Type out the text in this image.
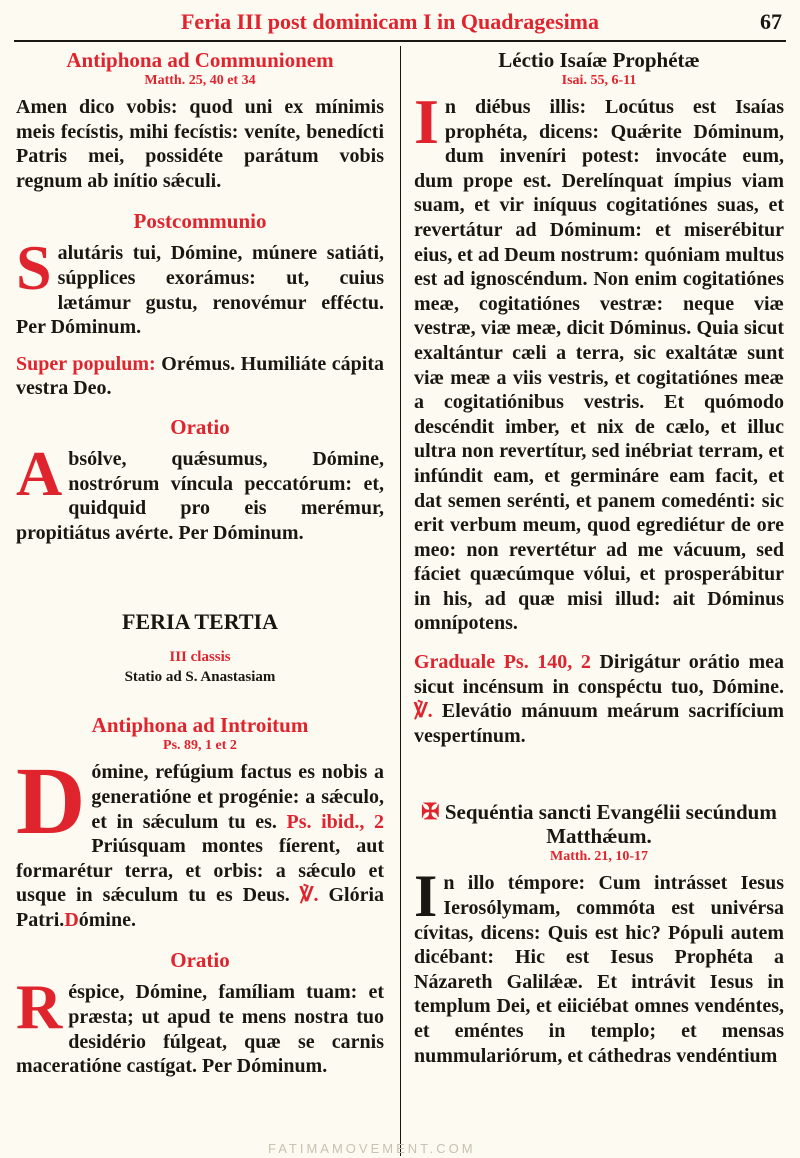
Feria III post dominicam I in Quadragesima	67

Antiphona ad Communionem

Matth. 25, 40 et 34

Amen dico vobis: quod uni ex mínimis meis fecístis, mihi fecístis: veníte, benedícti Patris mei, possidéte parátum vobis regnum ab inítio sǽculi.

Postcommunio

Salutáris tui, Dómine, múnere satiáti, súpplices exorámus: ut, cuius lætámur gustu, renovémur efféctu. Per Dóminum.

Super populum: Orémus. Humiliáte cápita vestra Deo.

Oratio

Absólve, quǽsumus, Dómine, nostrórum víncula peccatórum: et, quidquid pro eis merémur, propitiátus avérte. Per Dóminum.

FERIA TERTIA

III classis

Statio ad S. Anastasiam

Antiphona ad Introitum

Ps. 89, 1 et 2

Dómine, refúgium factus es nobis a generatióne et progénie: a sǽculo, et in sǽculum tu es. Ps. ibid., 2 Priúsquam montes fíerent, aut formarétur terra, et orbis: a sǽculo et usque in sǽculum tu es Deus. ℣. Glória Patri.Dómine.

Oratio

Réspice, Dómine, famíliam tuam: et præsta; ut apud te mens nostra tuo desidério fúlgeat, quæ se carnis maceratióne castígat. Per Dóminum.

Léctio Isaíæ Prophétæ

Isai. 55, 6-11

In diébus illis: Locútus est Isaías prophéta, dicens: Quǽrite Dóminum, dum inveníri potest: invocáte eum, dum prope est. Derelínquat ímpius viam suam, et vir iníquus cogitatiónes suas, et revertátur ad Dóminum: et miserébitur eius, et ad Deum nostrum: quóniam multus est ad ignoscéndum. Non enim cogitatiónes meæ, cogitatiónes vestræ: neque viæ vestræ, viæ meæ, dicit Dóminus. Quia sicut exaltántur cæli a terra, sic exaltátæ sunt viæ meæ a viis vestris, et cogitatiónes meæ a cogitatiónibus vestris. Et quómodo descéndit imber, et nix de cælo, et illuc ultra non revertítur, sed inébriat terram, et infúndit eam, et germináre eam facit, et dat semen serénti, et panem comedénti: sic erit verbum meum, quod egrediétur de ore meo: non revertétur ad me vácuum, sed fáciet quæcúmque vólui, et prosperábitur in his, ad quæ misi illud: ait Dóminus omnípotens.

Graduale Ps. 140, 2 Dirigátur orátio mea sicut incénsum in conspéctu tuo, Dómine. ℣. Elevátio mánuum meárum sacrifícium vespertínum.

✠ Sequéntia sancti Evangélii secúndum Matthǽum.

Matth. 21, 10-17

In illo témpore: Cum intrásset Iesus Ierosólymam, commóta est univérsa cívitas, dicens: Quis est hic? Pópuli autem dicébant: Hic est Iesus Prophéta a Názareth Galilǽæ. Et intrávit Iesus in templum Dei, et eiiciébat omnes vendéntes, et eméntes in templo; et mensas nummulariórum, et cáthedras vendéntium

FATIMAMOVEMENT.COM
